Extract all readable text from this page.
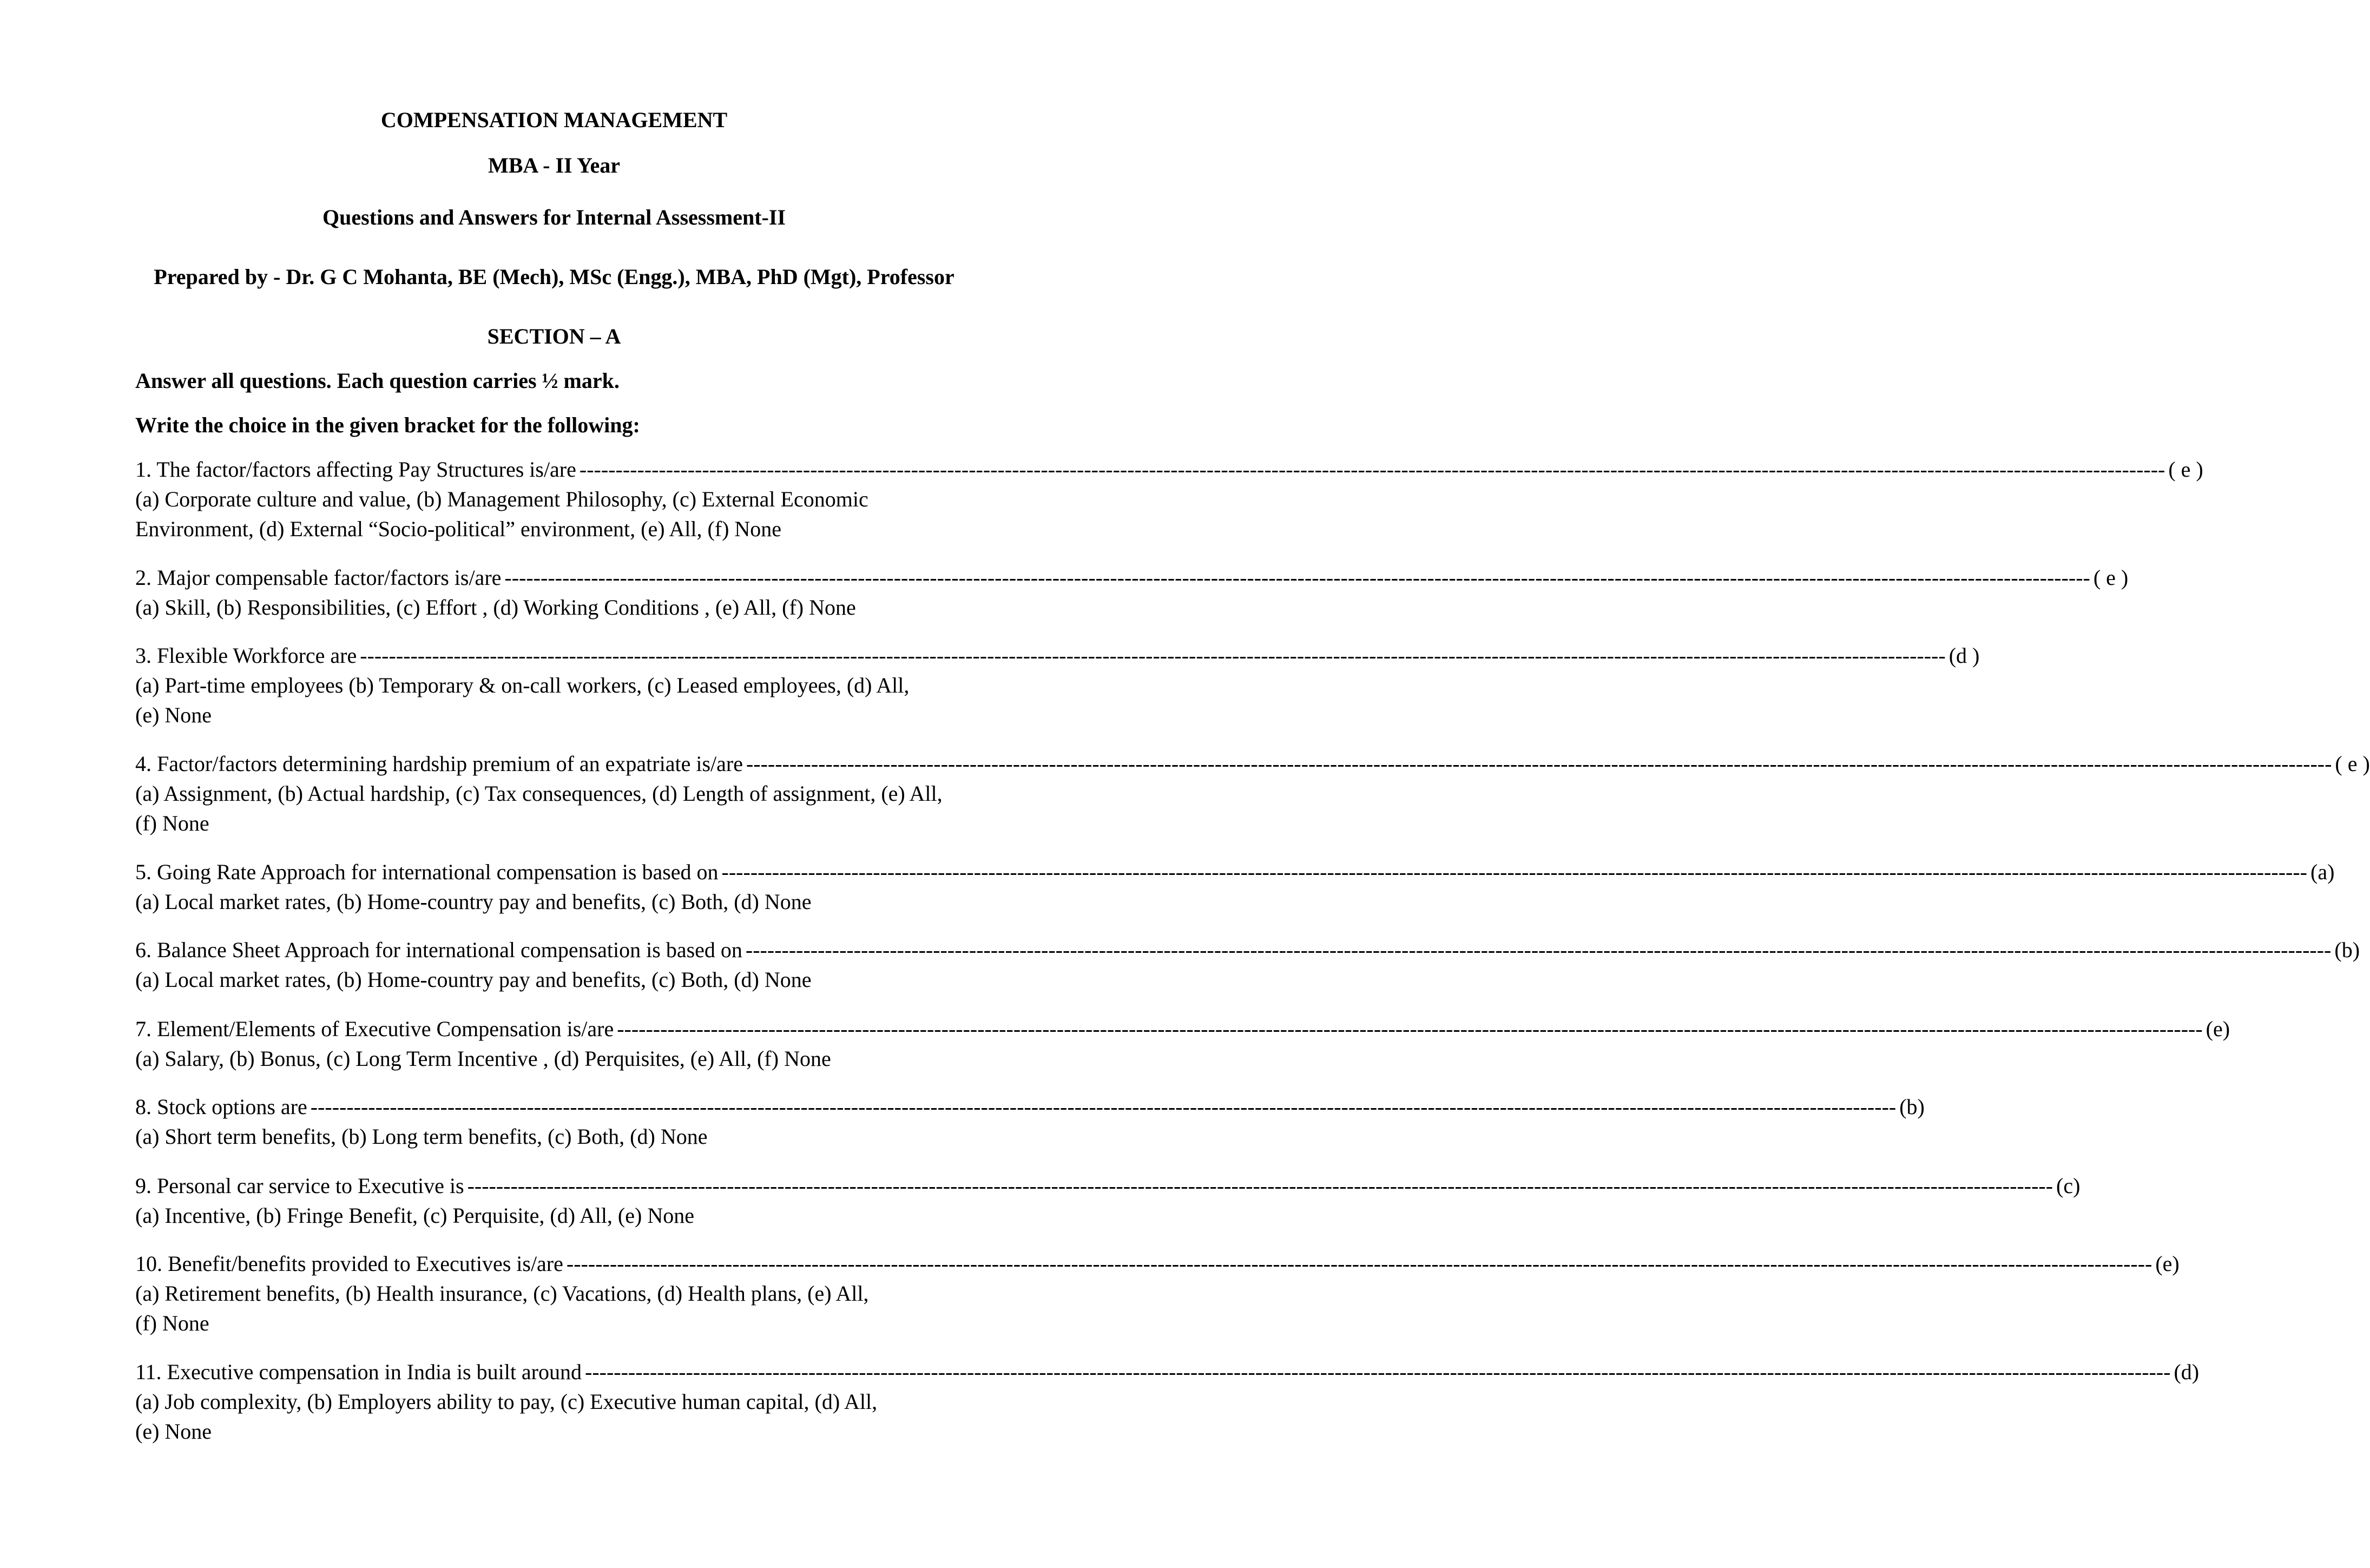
COMPENSATION MANAGEMENT
MBA - II Year
Questions and Answers for Internal Assessment-II
Prepared by - Dr. G C Mohanta, BE (Mech), MSc (Engg.), MBA, PhD (Mgt), Professor
SECTION – A
Answer all questions. Each question carries ½ mark.
Write the choice in the given bracket for the following:
1. The factor/factors affecting Pay Structures is/are ---------------------------------------------------------------------------------------------------------------------------------------------------------------------------------------------------------------------------- ( e )
(a) Corporate culture and value, (b) Management Philosophy, (c) External Economic
Environment, (d) External “Socio-political” environment, (e) All, (f) None
2. Major compensable factor/factors is/are ---------------------------------------------------------------------------------------------------------------------------------------------------------------------------------------------------------------------------- ( e )
(a) Skill, (b) Responsibilities, (c) Effort , (d) Working Conditions , (e) All, (f) None
3. Flexible Workforce are ---------------------------------------------------------------------------------------------------------------------------------------------------------------------------------------------------------------------------- (d )
(a) Part-time employees (b) Temporary & on-call workers, (c) Leased employees, (d) All,
(e) None
4. Factor/factors determining hardship premium of an expatriate is/are ---------------------------------------------------------------------------------------------------------------------------------------------------------------------------------------------------------------------------- ( e )
(a) Assignment, (b) Actual hardship, (c) Tax consequences, (d) Length of assignment, (e) All,
(f) None
5. Going Rate Approach for international compensation is based on ---------------------------------------------------------------------------------------------------------------------------------------------------------------------------------------------------------------------------- (a)
(a) Local market rates, (b) Home-country pay and benefits, (c) Both, (d) None
6. Balance Sheet Approach for international compensation is based on ---------------------------------------------------------------------------------------------------------------------------------------------------------------------------------------------------------------------------- (b)
(a) Local market rates, (b) Home-country pay and benefits, (c) Both, (d) None
7. Element/Elements of Executive Compensation is/are ---------------------------------------------------------------------------------------------------------------------------------------------------------------------------------------------------------------------------- (e)
(a) Salary, (b) Bonus, (c) Long Term Incentive , (d) Perquisites, (e) All, (f) None
8. Stock options are ---------------------------------------------------------------------------------------------------------------------------------------------------------------------------------------------------------------------------- (b)
(a) Short term benefits, (b) Long term benefits, (c) Both, (d) None
9. Personal car service to Executive is ---------------------------------------------------------------------------------------------------------------------------------------------------------------------------------------------------------------------------- (c)
(a) Incentive, (b) Fringe Benefit, (c) Perquisite, (d) All, (e) None
10. Benefit/benefits provided to Executives is/are ---------------------------------------------------------------------------------------------------------------------------------------------------------------------------------------------------------------------------- (e)
(a) Retirement benefits, (b) Health insurance, (c) Vacations, (d) Health plans, (e) All,
(f) None
11. Executive compensation in India is built around ---------------------------------------------------------------------------------------------------------------------------------------------------------------------------------------------------------------------------- (d)
(a) Job complexity, (b) Employers ability to pay, (c) Executive human capital, (d) All,
(e) None
